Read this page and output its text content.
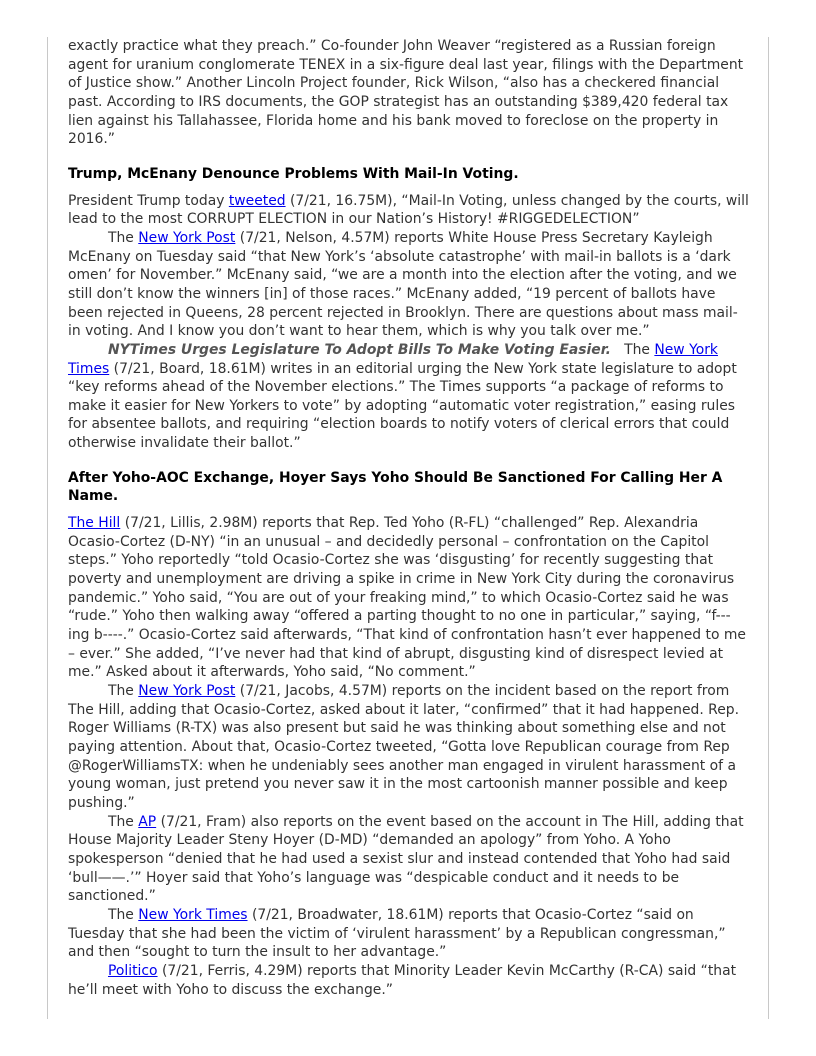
exactly practice what they preach.” Co-founder John Weaver “registered as a Russian foreign agent for uranium conglomerate TENEX in a six-figure deal last year, filings with the Department of Justice show.” Another Lincoln Project founder, Rick Wilson, “also has a checkered financial past. According to IRS documents, the GOP strategist has an outstanding $389,420 federal tax lien against his Tallahassee, Florida home and his bank moved to foreclose on the property in 2016.”

Trump, McEnany Denounce Problems With Mail-In Voting.

President Trump today tweeted (7/21, 16.75M), “Mail-In Voting, unless changed by the courts, will lead to the most CORRUPT ELECTION in our Nation’s History! #RIGGEDELECTION”

The New York Post (7/21, Nelson, 4.57M) reports White House Press Secretary Kayleigh McEnany on Tuesday said “that New York’s ‘absolute catastrophe’ with mail-in ballots is a ‘dark omen’ for November.” McEnany said, “we are a month into the election after the voting, and we still don’t know the winners [in] of those races.” McEnany added, “19 percent of ballots have been rejected in Queens, 28 percent rejected in Brooklyn. There are questions about mass mail-in voting. And I know you don’t want to hear them, which is why you talk over me.”

NYTimes Urges Legislature To Adopt Bills To Make Voting Easier.   The New York Times (7/21, Board, 18.61M) writes in an editorial urging the New York state legislature to adopt “key reforms ahead of the November elections.” The Times supports “a package of reforms to make it easier for New Yorkers to vote” by adopting “automatic voter registration,” easing rules for absentee ballots, and requiring “election boards to notify voters of clerical errors that could otherwise invalidate their ballot.”

After Yoho-AOC Exchange, Hoyer Says Yoho Should Be Sanctioned For Calling Her A Name.

The Hill (7/21, Lillis, 2.98M) reports that Rep. Ted Yoho (R-FL) “challenged” Rep. Alexandria Ocasio-Cortez (D-NY) “in an unusual – and decidedly personal – confrontation on the Capitol steps.” Yoho reportedly “told Ocasio-Cortez she was ‘disgusting’ for recently suggesting that poverty and unemployment are driving a spike in crime in New York City during the coronavirus pandemic.” Yoho said, “You are out of your freaking mind,” to which Ocasio-Cortez said he was “rude.” Yoho then walking away “offered a parting thought to no one in particular,” saying, “f---ing b----.” Ocasio-Cortez said afterwards, “That kind of confrontation hasn’t ever happened to me – ever.” She added, “I’ve never had that kind of abrupt, disgusting kind of disrespect levied at me.” Asked about it afterwards, Yoho said, “No comment.”

The New York Post (7/21, Jacobs, 4.57M) reports on the incident based on the report from The Hill, adding that Ocasio-Cortez, asked about it later, “confirmed” that it had happened. Rep. Roger Williams (R-TX) was also present but said he was thinking about something else and not paying attention. About that, Ocasio-Cortez tweeted, “Gotta love Republican courage from Rep @RogerWilliamsTX: when he undeniably sees another man engaged in virulent harassment of a young woman, just pretend you never saw it in the most cartoonish manner possible and keep pushing.”

The AP (7/21, Fram) also reports on the event based on the account in The Hill, adding that House Majority Leader Steny Hoyer (D-MD) “demanded an apology” from Yoho. A Yoho spokesperson “denied that he had used a sexist slur and instead contended that Yoho had said ‘bull——.’” Hoyer said that Yoho’s language was “despicable conduct and it needs to be sanctioned.”

The New York Times (7/21, Broadwater, 18.61M) reports that Ocasio-Cortez “said on Tuesday that she had been the victim of ‘virulent harassment’ by a Republican congressman,” and then “sought to turn the insult to her advantage.”

Politico (7/21, Ferris, 4.29M) reports that Minority Leader Kevin McCarthy (R-CA) said “that he’ll meet with Yoho to discuss the exchange.”
